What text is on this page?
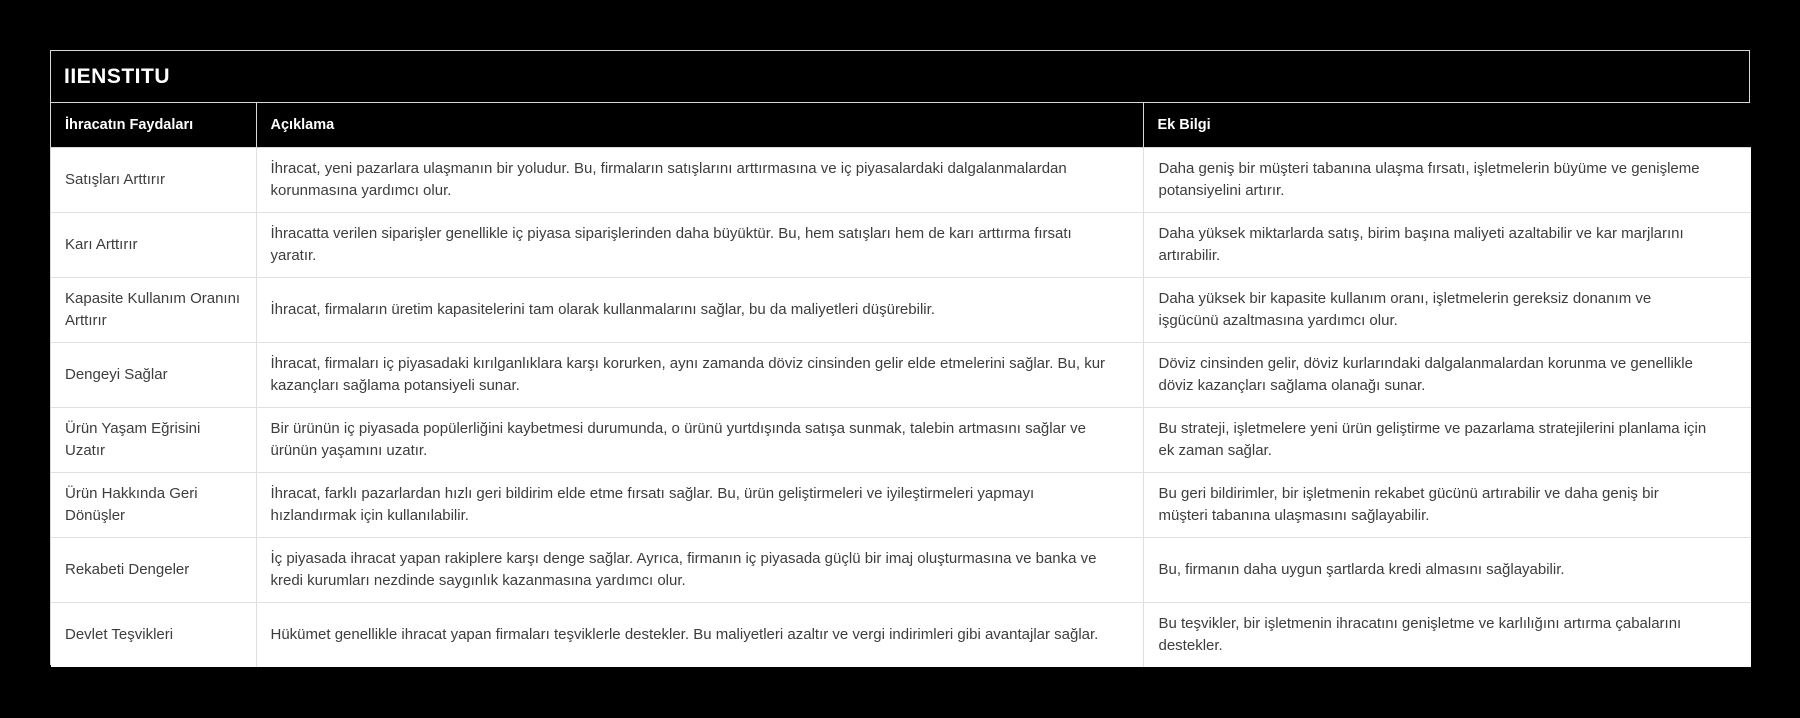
IIENSTITU
İhracatın Faydaları	Açıklama	Ek Bilgi
Satışları Arttırır	İhracat, yeni pazarlara ulaşmanın bir yoludur. Bu, firmaların satışlarını arttırmasına ve iç piyasalardaki dalgalanmalardan korunmasına yardımcı olur.	Daha geniş bir müşteri tabanına ulaşma fırsatı, işletmelerin büyüme ve genişleme potansiyelini artırır.
Karı Arttırır	İhracatta verilen siparişler genellikle iç piyasa siparişlerinden daha büyüktür. Bu, hem satışları hem de karı arttırma fırsatı yaratır.	Daha yüksek miktarlarda satış, birim başına maliyeti azaltabilir ve kar marjlarını artırabilir.
Kapasite Kullanım Oranını Arttırır	İhracat, firmaların üretim kapasitelerini tam olarak kullanmalarını sağlar, bu da maliyetleri düşürebilir.	Daha yüksek bir kapasite kullanım oranı, işletmelerin gereksiz donanım ve işgücünü azaltmasına yardımcı olur.
Dengeyi Sağlar	İhracat, firmaları iç piyasadaki kırılganlıklara karşı korurken, aynı zamanda döviz cinsinden gelir elde etmelerini sağlar. Bu, kur kazançları sağlama potansiyeli sunar.	Döviz cinsinden gelir, döviz kurlarındaki dalgalanmalardan korunma ve genellikle döviz kazançları sağlama olanağı sunar.
Ürün Yaşam Eğrisini Uzatır	Bir ürünün iç piyasada popülerliğini kaybetmesi durumunda, o ürünü yurtdışında satışa sunmak, talebin artmasını sağlar ve ürünün yaşamını uzatır.	Bu strateji, işletmelere yeni ürün geliştirme ve pazarlama stratejilerini planlama için ek zaman sağlar.
Ürün Hakkında Geri Dönüşler	İhracat, farklı pazarlardan hızlı geri bildirim elde etme fırsatı sağlar. Bu, ürün geliştirmeleri ve iyileştirmeleri yapmayı hızlandırmak için kullanılabilir.	Bu geri bildirimler, bir işletmenin rekabet gücünü artırabilir ve daha geniş bir müşteri tabanına ulaşmasını sağlayabilir.
Rekabeti Dengeler	İç piyasada ihracat yapan rakiplere karşı denge sağlar. Ayrıca, firmanın iç piyasada güçlü bir imaj oluşturmasına ve banka ve kredi kurumları nezdinde saygınlık kazanmasına yardımcı olur.	Bu, firmanın daha uygun şartlarda kredi almasını sağlayabilir.
Devlet Teşvikleri	Hükümet genellikle ihracat yapan firmaları teşviklerle destekler. Bu maliyetleri azaltır ve vergi indirimleri gibi avantajlar sağlar.	Bu teşvikler, bir işletmenin ihracatını genişletme ve karlılığını artırma çabalarını destekler.
